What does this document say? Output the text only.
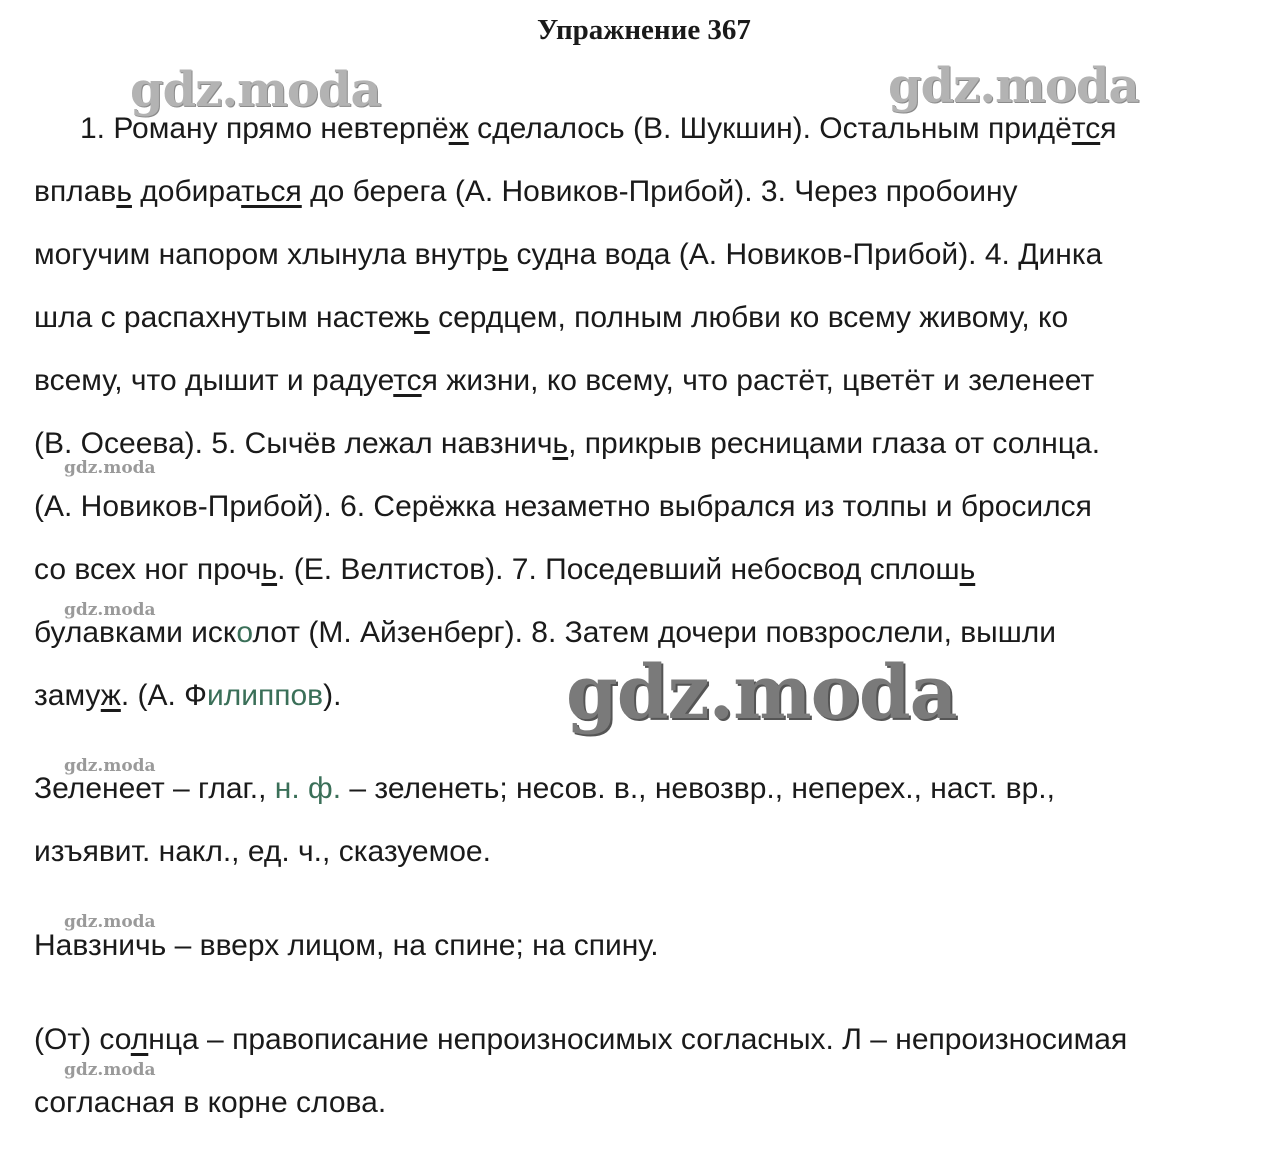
Упражнение 367
gdz.moda	gdz.moda
gdz.moda
gdz.moda
gdz.moda
gdz.moda
gdz.moda
gdz.moda
1. Роману прямо невтерпёж сделалось (В. Шукшин). Остальным придётся
вплавь добираться до берега (А. Новиков-Прибой). 3. Через пробоину
могучим напором хлынула внутрь судна вода (А. Новиков-Прибой). 4. Динка
шла с распахнутым настежь сердцем, полным любви ко всему живому, ко
всему, что дышит и радуется жизни, ко всему, что растёт, цветёт и зеленеет
(В. Осеева). 5. Сычёв лежал навзничь, прикрыв ресницами глаза от солнца.
(А. Новиков-Прибой). 6. Серёжка незаметно выбрался из толпы и бросился
со всех ног прочь. (Е. Велтистов). 7. Поседевший небосвод сплошь
булавками исколот (М. Айзенберг). 8. Затем дочери повзрослели, вышли
замуж. (А. Филиппов).
Зеленеет – глаг., н. ф. – зеленеть; несов. в., невозвр., неперех., наст. вр.,
изъявит. накл., ед. ч., сказуемое.
Навзничь – вверх лицом, на спине; на спину.
(От) солнца – правописание непроизносимых согласных. Л – непроизносимая
согласная в корне слова.
